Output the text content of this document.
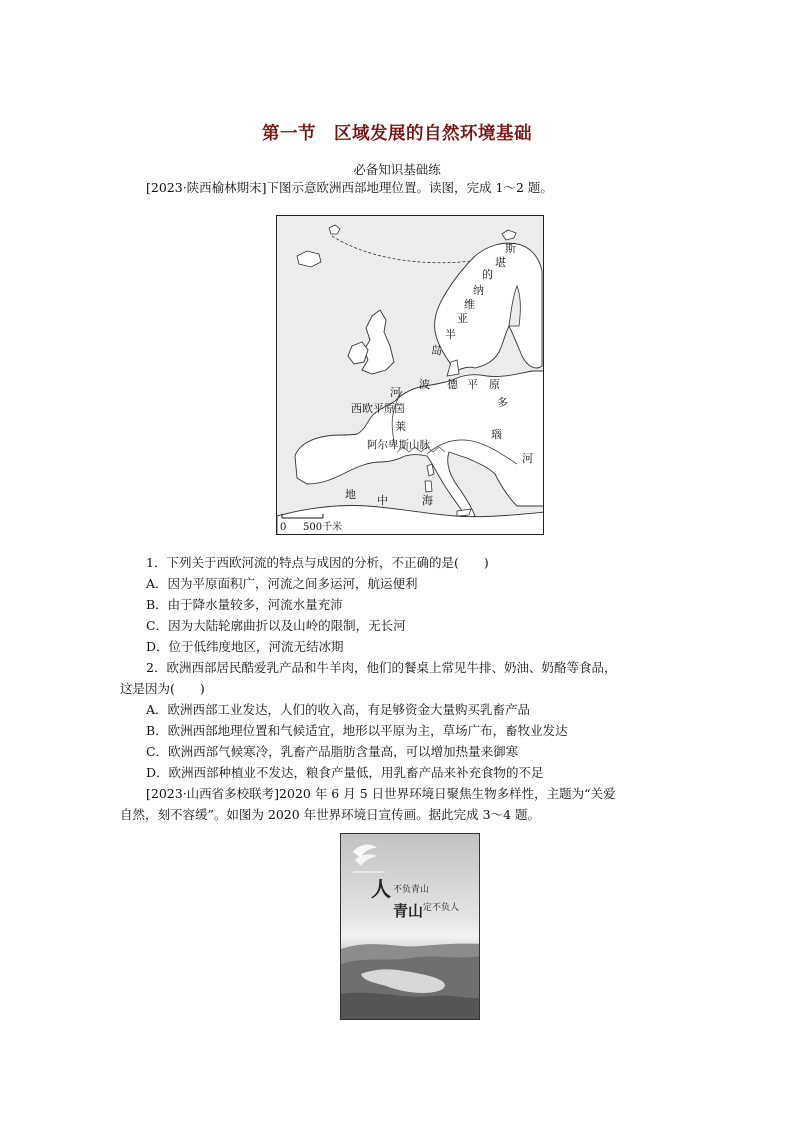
第一节　区域发展的自然环境基础
必备知识基础练
[2023·陕西榆林期末]下图示意欧洲西部地理位置。读图，完成 1～2 题。
斯
堪
的
纳
维
亚
半
岛
河
波 德 平 原
多
西欧平原 茵
莱
瑙
河
阿尔卑斯山脉
地 中	海
0 500千米
1．下列关于西欧河流的特点与成因的分析，不正确的是(　　)
A．因为平原面积广，河流之间多运河，航运便利
B．由于降水量较多，河流水量充沛
C．因为大陆轮廓曲折以及山岭的限制，无长河
D．位于低纬度地区，河流无结冰期
2．欧洲西部居民酷爱乳产品和牛羊肉，他们的餐桌上常见牛排、奶油、奶酪等食品，
这是因为(　　)
A．欧洲西部工业发达，人们的收入高，有足够资金大量购买乳畜产品
B．欧洲西部地理位置和气候适宜，地形以平原为主，草场广布，畜牧业发达
C．欧洲西部气候寒冷，乳畜产品脂肪含量高，可以增加热量来御寒
D．欧洲西部种植业不发达，粮食产量低，用乳畜产品来补充食物的不足
[2023·山西省多校联考]2020 年 6 月 5 日世界环境日聚焦生物多样性，主题为“关爱
自然，刻不容缓”。如图为 2020 年世界环境日宣传画。据此完成 3～4 题。
人 不负青山
青山 定不负人
